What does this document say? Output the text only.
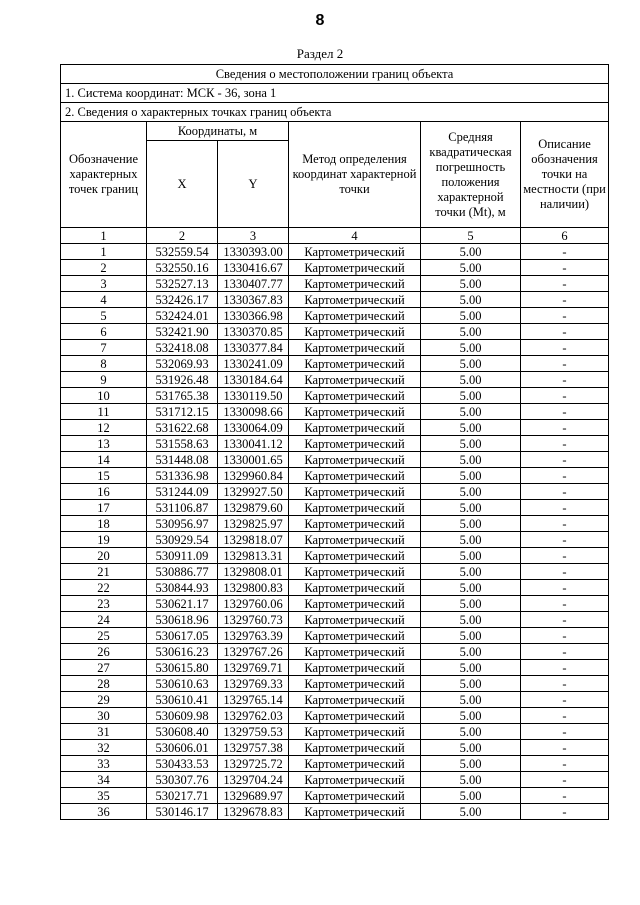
8
Раздел 2
Сведения о местоположении границ объекта					
1. Система координат: МСК - 36, зона 1					
2. Сведения о характерных точках границ объекта					
Обозначение характерных точек границ	Координаты, м		Метод определения координат характерной точки	Средняя квадратическая погрешность положения характерной точки (Mt), м	Описание обозначения точки на местности (при наличии)
	X	Y			
1	2	3	4	5	6
1	532559.54	1330393.00	Картометрический	5.00	-
2	532550.16	1330416.67	Картометрический	5.00	-
3	532527.13	1330407.77	Картометрический	5.00	-
4	532426.17	1330367.83	Картометрический	5.00	-
5	532424.01	1330366.98	Картометрический	5.00	-
6	532421.90	1330370.85	Картометрический	5.00	-
7	532418.08	1330377.84	Картометрический	5.00	-
8	532069.93	1330241.09	Картометрический	5.00	-
9	531926.48	1330184.64	Картометрический	5.00	-
10	531765.38	1330119.50	Картометрический	5.00	-
11	531712.15	1330098.66	Картометрический	5.00	-
12	531622.68	1330064.09	Картометрический	5.00	-
13	531558.63	1330041.12	Картометрический	5.00	-
14	531448.08	1330001.65	Картометрический	5.00	-
15	531336.98	1329960.84	Картометрический	5.00	-
16	531244.09	1329927.50	Картометрический	5.00	-
17	531106.87	1329879.60	Картометрический	5.00	-
18	530956.97	1329825.97	Картометрический	5.00	-
19	530929.54	1329818.07	Картометрический	5.00	-
20	530911.09	1329813.31	Картометрический	5.00	-
21	530886.77	1329808.01	Картометрический	5.00	-
22	530844.93	1329800.83	Картометрический	5.00	-
23	530621.17	1329760.06	Картометрический	5.00	-
24	530618.96	1329760.73	Картометрический	5.00	-
25	530617.05	1329763.39	Картометрический	5.00	-
26	530616.23	1329767.26	Картометрический	5.00	-
27	530615.80	1329769.71	Картометрический	5.00	-
28	530610.63	1329769.33	Картометрический	5.00	-
29	530610.41	1329765.14	Картометрический	5.00	-
30	530609.98	1329762.03	Картометрический	5.00	-
31	530608.40	1329759.53	Картометрический	5.00	-
32	530606.01	1329757.38	Картометрический	5.00	-
33	530433.53	1329725.72	Картометрический	5.00	-
34	530307.76	1329704.24	Картометрический	5.00	-
35	530217.71	1329689.97	Картометрический	5.00	-
36	530146.17	1329678.83	Картометрический	5.00	-
